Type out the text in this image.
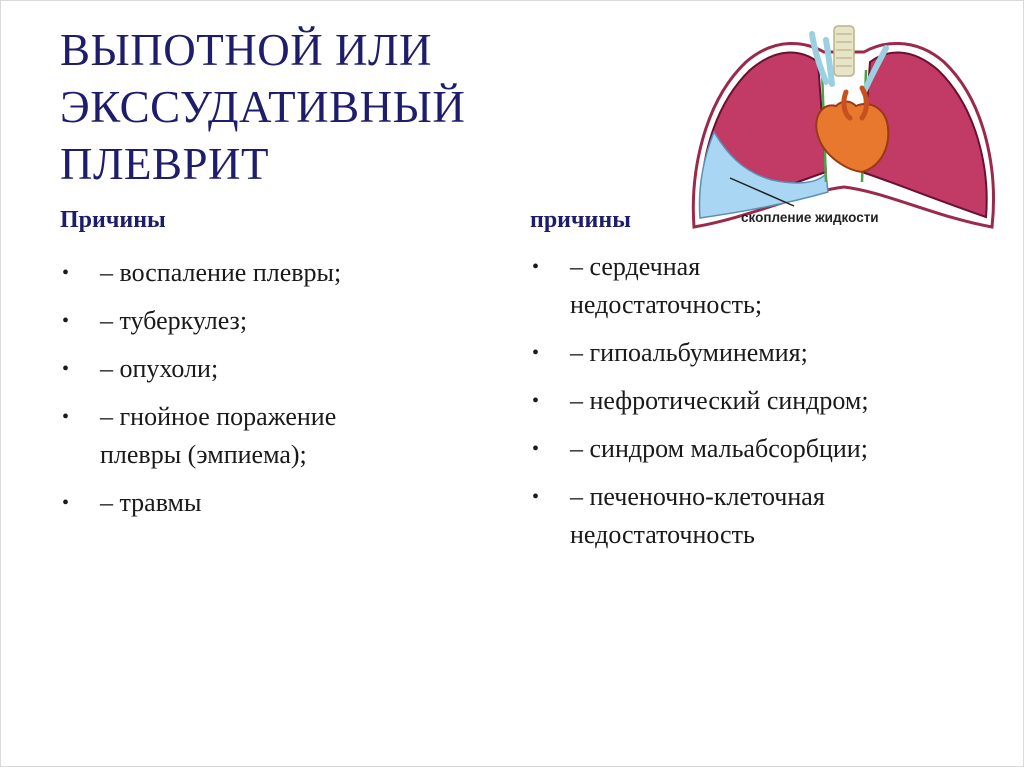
ВЫПОТНОЙ ИЛИ
ЭКССУДАТИВНЫЙ
ПЛЕВРИТ
скопление жидкости
Причины
• – воспаление плевры;
• – туберкулез;
• – опухоли;
• – гнойное поражение
плевры (эмпиема);
• – травмы
причины
• – сердечная
недостаточность;
• – гипоальбуминемия;
• – нефротический синдром;
• – синдром мальабсорбции;
• – печеночно-клеточная
недостаточность
